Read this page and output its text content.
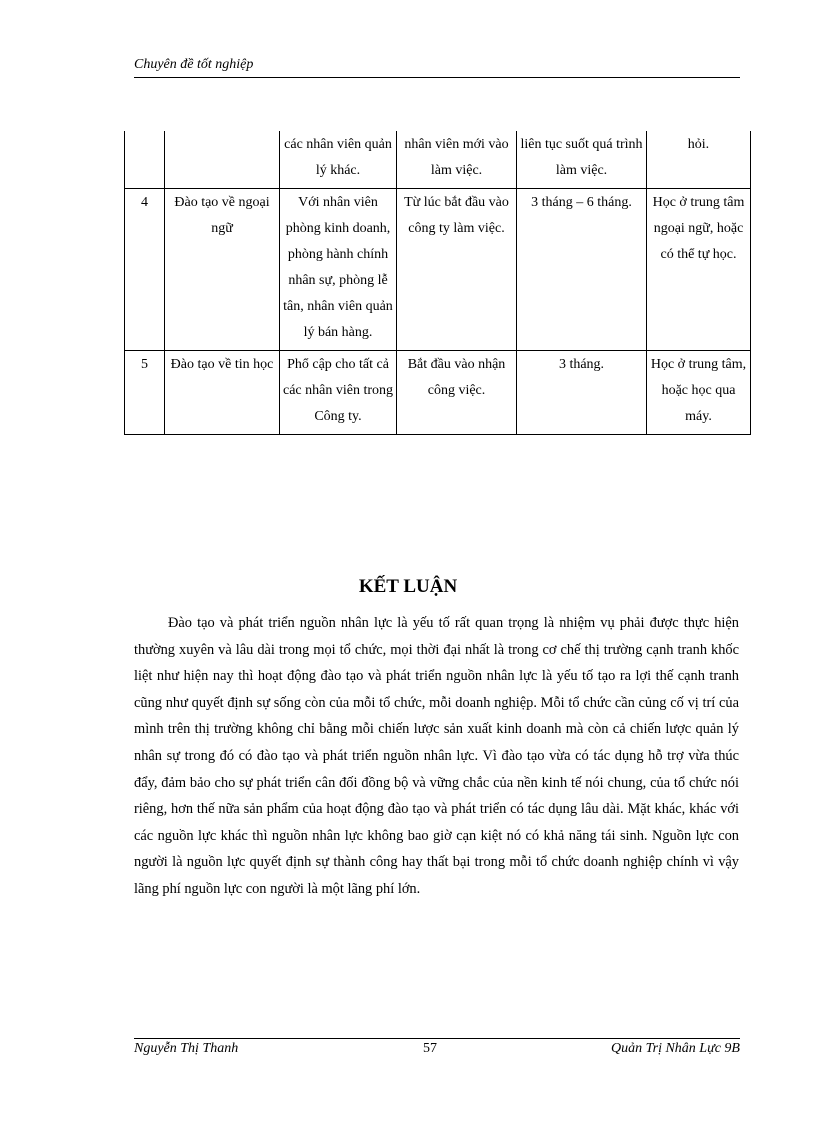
Chuyên đề tốt nghiệp
		các nhân viên quản lý khác.	nhân viên mới vào làm việc.	liên tục suốt quá trình làm việc.	hỏi.
4	Đào tạo về ngoại ngữ	Với nhân viên phòng kinh doanh, phòng hành chính nhân sự, phòng lễ tân, nhân viên quản lý bán hàng.	Từ lúc bắt đầu vào công ty làm việc.	3 tháng – 6 tháng.	Học ở trung tâm ngoại ngữ, hoặc có thể tự học.
5	Đào tạo về tin học	Phổ cập cho tất cả các nhân viên trong Công ty.	Bắt đầu vào nhận công việc.	3 tháng.	Học ở trung tâm, hoặc học qua máy.
KẾT LUẬN

Đào tạo và phát triển nguồn nhân lực là yếu tố rất quan trọng là nhiệm vụ phải được thực hiện thường xuyên và lâu dài trong mọi tổ chức, mọi thời đại nhất là trong cơ chế thị trường cạnh tranh khốc liệt như hiện nay thì hoạt động đào tạo và phát triển nguồn nhân lực là yếu tố tạo ra lợi thế cạnh tranh cũng như quyết định sự sống còn của mỗi tổ chức, mỗi doanh nghiệp. Mỗi tổ chức cần củng cố vị trí của mình trên thị trường không chỉ bằng mỗi chiến lược sản xuất kinh doanh mà còn cả chiến lược quản lý nhân sự trong đó có đào tạo và phát triển nguồn nhân lực. Vì đào tạo vừa có tác dụng hỗ trợ vừa thúc đẩy, đảm bảo cho sự phát triển cân đối đồng bộ và vững chắc của nền kinh tế nói chung, của tổ chức nói riêng, hơn thế nữa sản phẩm của hoạt động đào tạo và phát triển có tác dụng lâu dài. Mặt khác, khác với các nguồn lực khác thì nguồn nhân lực không bao giờ cạn kiệt nó có khả năng tái sinh. Nguồn lực con người là nguồn lực quyết định sự thành công hay thất bại trong mỗi tổ chức doanh nghiệp chính vì vậy lãng phí nguồn lực con người là một lãng phí lớn.

Nguyễn Thị Thanh	57	Quản Trị Nhân Lực 9B
